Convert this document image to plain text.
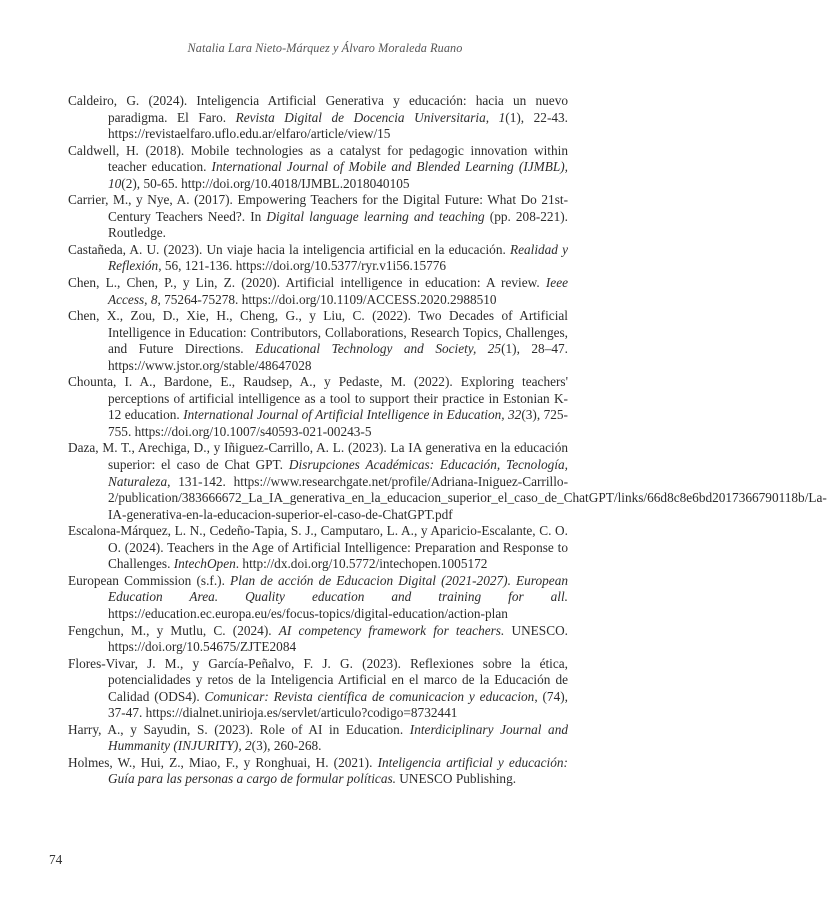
Natalia Lara Nieto-Márquez y Álvaro Moraleda Ruano

Caldeiro, G. (2024). Inteligencia Artificial Generativa y educación: hacia un nuevo paradigma. El Faro. Revista Digital de Docencia Universitaria, 1(1), 22-43. https://revistaelfaro.uflo.edu.ar/elfaro/article/view/15

Caldwell, H. (2018). Mobile technologies as a catalyst for pedagogic innovation within teacher education. International Journal of Mobile and Blended Learning (IJMBL), 10(2), 50-65. http://doi.org/10.4018/IJMBL.2018040105

Carrier, M., y Nye, A. (2017). Empowering Teachers for the Digital Future: What Do 21st-Century Teachers Need?. In Digital language learning and teaching (pp. 208-221). Routledge.

Castañeda, A. U. (2023). Un viaje hacia la inteligencia artificial en la educación. Realidad y Reflexión, 56, 121-136. https://doi.org/10.5377/ryr.v1i56.15776

Chen, L., Chen, P., y Lin, Z. (2020). Artificial intelligence in education: A review. Ieee Access, 8, 75264-75278. https://doi.org/10.1109/ACCESS.2020.2988510

Chen, X., Zou, D., Xie, H., Cheng, G., y Liu, C. (2022). Two Decades of Artificial Intelligence in Education: Contributors, Collaborations, Research Topics, Challenges, and Future Directions. Educational Technology and Society, 25(1), 28–47. https://www.jstor.org/stable/48647028

Chounta, I. A., Bardone, E., Raudsep, A., y Pedaste, M. (2022). Exploring teachers' perceptions of artificial intelligence as a tool to support their practice in Estonian K-12 education. International Journal of Artificial Intelligence in Education, 32(3), 725-755. https://doi.org/10.1007/s40593-021-00243-5

Daza, M. T., Arechiga, D., y Iñiguez-Carrillo, A. L. (2023). La IA generativa en la educación superior: el caso de Chat GPT. Disrupciones Académicas: Educación, Tecnología, Naturaleza, 131-142. https://www.researchgate.net/profile/Adriana-Iniguez-Carrillo-2/publication/383666672_La_IA_generativa_en_la_educacion_superior_el_caso_de_ChatGPT/links/66d8c8e6bd2017366790118b/La-IA-generativa-en-la-educacion-superior-el-caso-de-ChatGPT.pdf

Escalona-Márquez, L. N., Cedeño-Tapia, S. J., Camputaro, L. A., y Aparicio-Escalante, C. O. O. (2024). Teachers in the Age of Artificial Intelligence: Preparation and Response to Challenges. IntechOpen. http://dx.doi.org/10.5772/intechopen.1005172

European Commission (s.f.). Plan de acción de Educacion Digital (2021-2027). European Education Area. Quality education and training for all. https://education.ec.europa.eu/es/focus-topics/digital-education/action-plan

Fengchun, M., y Mutlu, C. (2024). AI competency framework for teachers. UNESCO. https://doi.org/10.54675/ZJTE2084

Flores-Vivar, J. M., y García-Peñalvo, F. J. G. (2023). Reflexiones sobre la ética, potencialidades y retos de la Inteligencia Artificial en el marco de la Educación de Calidad (ODS4). Comunicar: Revista científica de comunicacion y educacion, (74), 37-47. https://dialnet.unirioja.es/servlet/articulo?codigo=8732441

Harry, A., y Sayudin, S. (2023). Role of AI in Education. Interdiciplinary Journal and Hummanity (INJURITY), 2(3), 260-268.

Holmes, W., Hui, Z., Miao, F., y Ronghuai, H. (2021). Inteligencia artificial y educación: Guía para las personas a cargo de formular políticas. UNESCO Publishing.

74
